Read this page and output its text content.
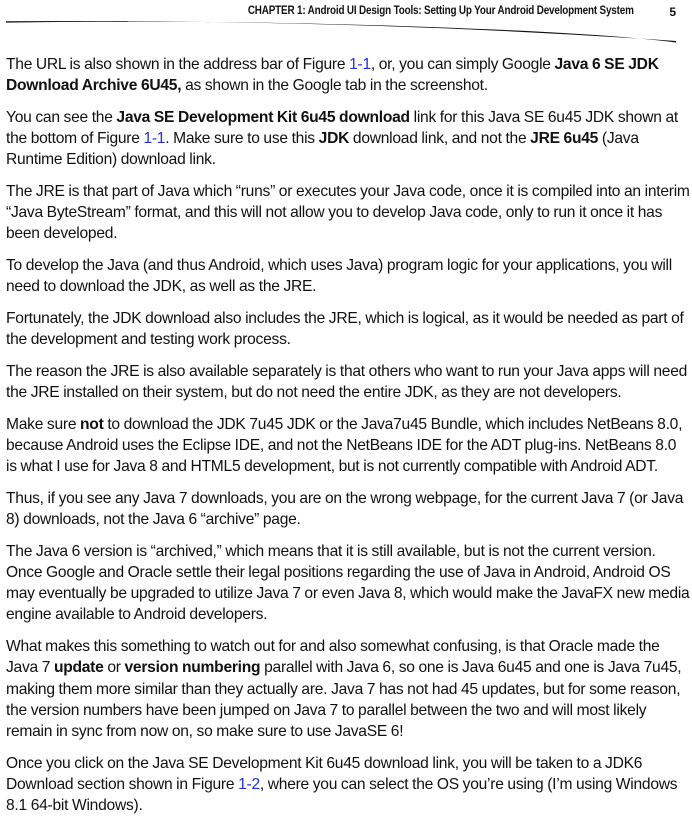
CHAPTER 1: Android UI Design Tools: Setting Up Your Android Development System	5

The URL is also shown in the address bar of Figure 1-1, or, you can simply Google Java 6 SE JDK Download Archive 6U45, as shown in the Google tab in the screenshot.

You can see the Java SE Development Kit 6u45 download link for this Java SE 6u45 JDK shown at the bottom of Figure 1-1. Make sure to use this JDK download link, and not the JRE 6u45 (Java Runtime Edition) download link.

The JRE is that part of Java which “runs” or executes your Java code, once it is compiled into an interim “Java ByteStream” format, and this will not allow you to develop Java code, only to run it once it has been developed.

To develop the Java (and thus Android, which uses Java) program logic for your applications, you will need to download the JDK, as well as the JRE.

Fortunately, the JDK download also includes the JRE, which is logical, as it would be needed as part of the development and testing work process.

The reason the JRE is also available separately is that others who want to run your Java apps will need the JRE installed on their system, but do not need the entire JDK, as they are not developers.

Make sure not to download the JDK 7u45 JDK or the Java7u45 Bundle, which includes NetBeans 8.0, because Android uses the Eclipse IDE, and not the NetBeans IDE for the ADT plug-ins. NetBeans 8.0 is what I use for Java 8 and HTML5 development, but is not currently compatible with Android ADT.

Thus, if you see any Java 7 downloads, you are on the wrong webpage, for the current Java 7 (or Java 8) downloads, not the Java 6 “archive” page.

The Java 6 version is “archived,” which means that it is still available, but is not the current version. Once Google and Oracle settle their legal positions regarding the use of Java in Android, Android OS may eventually be upgraded to utilize Java 7 or even Java 8, which would make the JavaFX new media engine available to Android developers.

What makes this something to watch out for and also somewhat confusing, is that Oracle made the Java 7 update or version numbering parallel with Java 6, so one is Java 6u45 and one is Java 7u45, making them more similar than they actually are. Java 7 has not had 45 updates, but for some reason, the version numbers have been jumped on Java 7 to parallel between the two and will most likely remain in sync from now on, so make sure to use JavaSE 6!

Once you click on the Java SE Development Kit 6u45 download link, you will be taken to a JDK6 Download section shown in Figure 1-2, where you can select the OS you’re using (I’m using Windows 8.1 64-bit Windows).
